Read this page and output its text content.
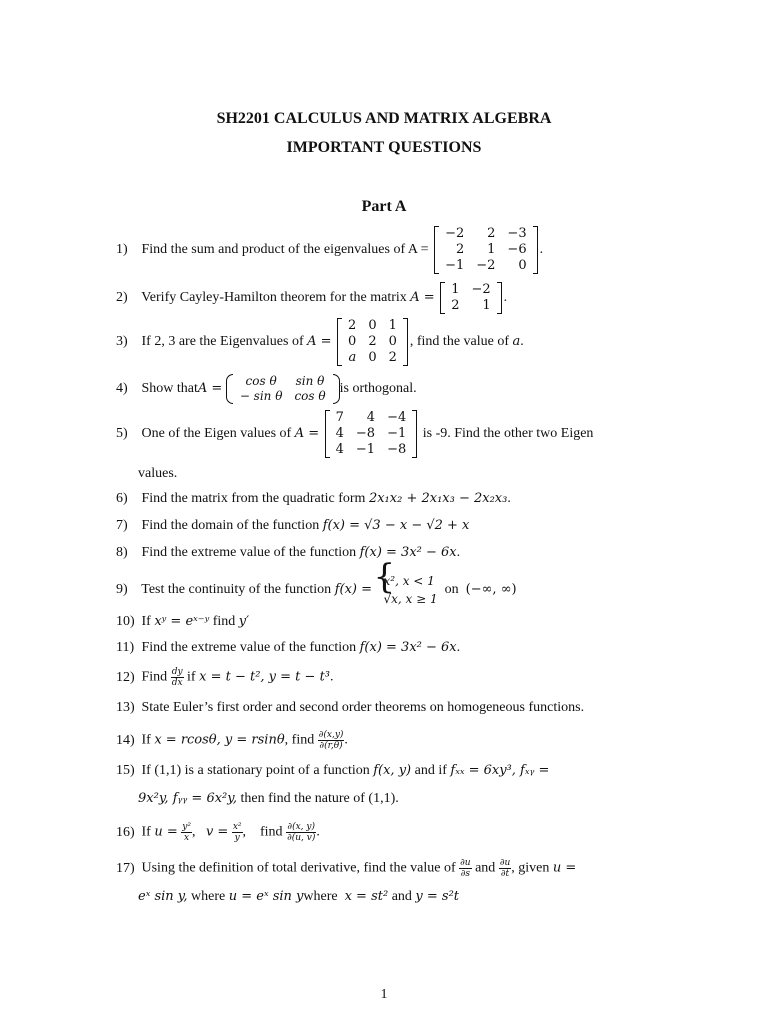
SH2201 CALCULUS AND MATRIX ALGEBRA
IMPORTANT QUESTIONS
Part A
1) Find the sum and product of the eigenvalues of A =
−2	2	−3
2	1	−6
−1	−2	0
.
2) Verify Cayley-Hamilton theorem for the matrix A =
1	−2
2	1
.
3) If 2, 3 are the Eigenvalues of A =
2	0	1
0	2	0
a	0	2
, find the value of a.
4) Show thatA =
cos θ	sin θ
− sin θ	cos θ is orthogonal.
5) One of the Eigen values of A =
7	4	−4
4	−8	−1
4	−1	−8
is -9. Find the other two Eigen
values.
6) Find the matrix from the quadratic form 2x₁x₂ + 2x₁x₃ − 2x₂x₃.
7) Find the domain of the function f(x) = √3 − x − √2 + x
8) Find the extreme value of the function f(x) = 3x² − 6x.
9) Test the continuity of the function f(x) = {
x², x < 1
√x, x ≥ 1
on (−∞, ∞)
10) If xʸ = eˣ⁻ʸ find y′
11) Find the extreme value of the function f(x) = 3x² − 6x.
12) Find $\frac{dy}{dx}$ if x = t − t², y = t − t³.
13) State Euler’s first order and second order theorems on homogeneous functions.
14) If x = rcosθ, y = rsinθ, find $\frac{\partial(x,y)}{\partial(r,\theta)}$ .
15) If (1,1) is a stationary point of a function f(x, y) and if fₓₓ = 6xy³, fₓᵧ =
9x²y, fᵧᵧ = 6x²y, then find the nature of (1,1).
16) If $u = \frac{\text{y²}}{x}$ ,   $v = \frac{\text{x²}}{y}$ ,    find $\frac{\partial(x, y)}{\partial(u, v)}$ .
17) Using the definition of total derivative, find the value of $\frac{\partial u}{\partial s}$ and $\frac{\partial u}{\partial t}$ , given u =
eˣ sin y, where u = eˣ sin ywhere x = st² and y = s²t
1
